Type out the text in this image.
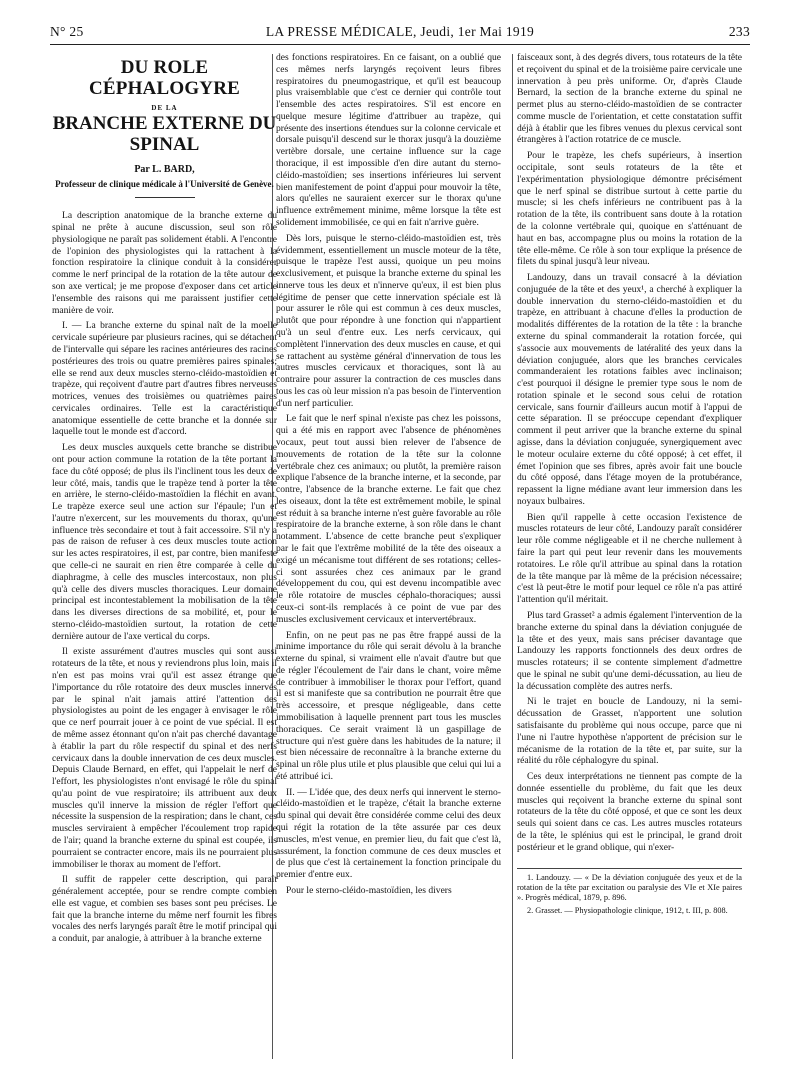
N° 25	LA PRESSE MÉDICALE, Jeudi, 1er Mai 1919	233
DU ROLE CÉPHALOGYRE
DE LA
BRANCHE EXTERNE DU SPINAL
Par L. BARD,
Professeur de clinique médicale à l'Université de Genève.

La description anatomique de la branche externe du spinal ne prête à aucune discussion, seul son rôle physiologique ne paraît pas solidement établi. A l'encontre de l'opinion des physiologistes qui la rattachent à la fonction respiratoire la clinique conduit à la considérer comme le nerf principal de la rotation de la tête autour de son axe vertical; je me propose d'exposer dans cet article l'ensemble des raisons qui me paraissent justifier cette manière de voir.

I. — La branche externe du spinal naît de la moelle cervicale supérieure par plusieurs racines, qui se détachent de l'intervalle qui sépare les racines antérieures des racines postérieures des trois ou quatre premières paires spinales; elle se rend aux deux muscles sterno-cléido-mastoïdien et trapèze, qui reçoivent d'autre part d'autres fibres nerveuses motrices, venues des troisièmes ou quatrièmes paires cervicales ordinaires. Telle est la caractéristique anatomique essentielle de cette branche et la donnée sur laquelle tout le monde est d'accord.

Les deux muscles auxquels cette branche se distribue ont pour action commune la rotation de la tête portant la face du côté opposé; de plus ils l'inclinent tous les deux de leur côté, mais, tandis que le trapèze tend à porter la tête en arrière, le sterno-cléido-mastoïdien la fléchit en avant. Le trapèze exerce seul une action sur l'épaule; l'un et l'autre n'exercent, sur les mouvements du thorax, qu'une influence très secondaire et tout à fait accessoire. S'il n'y a pas de raison de refuser à ces deux muscles toute action sur les actes respiratoires, il est, par contre, bien manifeste que celle-ci ne saurait en rien être comparée à celle du diaphragme, à celle des muscles intercostaux, non plus qu'à celle des divers muscles thoraciques. Leur domaine principal est incontestablement la mobilisation de la tête dans les diverses directions de sa mobilité, et, pour le sterno-cléido-mastoïdien surtout, la rotation de cette dernière autour de l'axe vertical du corps.

Il existe assurément d'autres muscles qui sont aussi rotateurs de la tête, et nous y reviendrons plus loin, mais il n'en est pas moins vrai qu'il est assez étrange que l'importance du rôle rotatoire des deux muscles innervés par le spinal n'ait jamais attiré l'attention des physiologistes au point de les engager à envisager le rôle que ce nerf pourrait jouer à ce point de vue spécial. Il est de même assez étonnant qu'on n'ait pas cherché davantage à établir la part du rôle respectif du spinal et des nerfs cervicaux dans la double innervation de ces deux muscles. Depuis Claude Bernard, en effet, qui l'appelait le nerf de l'effort, les physiologistes n'ont envisagé le rôle du spinal qu'au point de vue respiratoire; ils attribuent aux deux muscles qu'il innerve la mission de régler l'effort que nécessite la suspension de la respiration; dans le chant, ces muscles serviraient à empêcher l'écoulement trop rapide de l'air; quand la branche externe du spinal est coupée, ils pourraient se contracter encore, mais ils ne pourraient plus immobiliser le thorax au moment de l'effort.

Il suffit de rappeler cette description, qui paraît généralement acceptée, pour se rendre compte combien elle est vague, et combien ses bases sont peu précises. Le fait que la branche interne du même nerf fournit les fibres vocales des nerfs laryngés paraît être le motif principal qui a conduit, par analogie, à attribuer à la branche externe

des fonctions respiratoires. En ce faisant, on a oublié que ces mêmes nerfs laryngés reçoivent leurs fibres respiratoires du pneumogastrique, et qu'il est beaucoup plus vraisemblable que c'est ce dernier qui contrôle tout l'ensemble des actes respiratoires. S'il est encore en quelque mesure légitime d'attribuer au trapèze, qui présente des insertions étendues sur la colonne cervicale et dorsale puisqu'il descend sur le thorax jusqu'à la douzième vertèbre dorsale, une certaine influence sur la cage thoracique, il est impossible d'en dire autant du sterno-cléido-mastoïdien; ses insertions inférieures lui servent bien manifestement de point d'appui pour mouvoir la tête, alors qu'elles ne sauraient exercer sur le thorax qu'une influence extrêmement minime, même lorsque la tête est solidement immobilisée, ce qui en fait n'arrive guère.

Dès lors, puisque le sterno-cléido-mastoïdien est, très évidemment, essentiellement un muscle moteur de la tête, puisque le trapèze l'est aussi, quoique un peu moins exclusivement, et puisque la branche externe du spinal les innerve tous les deux et n'innerve qu'eux, il est bien plus légitime de penser que cette innervation spéciale est là pour assurer le rôle qui est commun à ces deux muscles, plutôt que pour répondre à une fonction qui n'appartient qu'à un seul d'entre eux. Les nerfs cervicaux, qui complètent l'innervation des deux muscles en cause, et qui se rattachent au système général d'innervation de tous les autres muscles cervicaux et thoraciques, sont là au contraire pour assurer la contraction de ces muscles dans tous les cas où leur mission n'a pas besoin de l'intervention d'un nerf particulier.

Le fait que le nerf spinal n'existe pas chez les poissons, qui a été mis en rapport avec l'absence de phénomènes vocaux, peut tout aussi bien relever de l'absence de mouvements de rotation de la tête sur la colonne vertébrale chez ces animaux; ou plutôt, la première raison explique l'absence de la branche interne, et la seconde, par contre, l'absence de la branche externe. Le fait que chez les oiseaux, dont la tête est extrêmement mobile, le spinal est réduit à sa branche interne n'est guère favorable au rôle respiratoire de la branche externe, à son rôle dans le chant notamment. L'absence de cette branche peut s'expliquer par le fait que l'extrême mobilité de la tête des oiseaux a exigé un mécanisme tout différent de ses rotations; celles-ci sont assurées chez ces animaux par le grand développement du cou, qui est devenu incompatible avec le rôle rotatoire de muscles céphalo-thoraciques; aussi ceux-ci sont-ils remplacés à ce point de vue par des muscles exclusivement cervicaux et intervertébraux.

Enfin, on ne peut pas ne pas être frappé aussi de la minime importance du rôle qui serait dévolu à la branche externe du spinal, si vraiment elle n'avait d'autre but que de régler l'écoulement de l'air dans le chant, voire même de contribuer à immobiliser le thorax pour l'effort, quand il est si manifeste que sa contribution ne pourrait être que très accessoire, et presque négligeable, dans cette immobilisation à laquelle prennent part tous les muscles thoraciques. Ce serait vraiment là un gaspillage de structure qui n'est guère dans les habitudes de la nature; il est bien nécessaire de reconnaître à la branche externe du spinal un rôle plus utile et plus plausible que celui qui lui a été attribué ici.

II. — L'idée que, des deux nerfs qui innervent le sterno-cléido-mastoïdien et le trapèze, c'était la branche externe du spinal qui devait être considérée comme celui des deux qui régit la rotation de la tête assurée par ces deux muscles, m'est venue, en premier lieu, du fait que c'est là, assurément, la fonction commune de ces deux muscles et de plus que c'est là certainement la fonction principale du premier d'entre eux.

Pour le sterno-cléido-mastoïdien, les divers

faisceaux sont, à des degrés divers, tous rotateurs de la tête et reçoivent du spinal et de la troisième paire cervicale une innervation à peu près uniforme. Or, d'après Claude Bernard, la section de la branche externe du spinal ne permet plus au sterno-cléido-mastoïdien de se contracter comme muscle de l'orientation, et cette constatation suffit déjà à établir que les fibres venues du plexus cervical sont étrangères à l'action rotatrice de ce muscle.

Pour le trapèze, les chefs supérieurs, à insertion occipitale, sont seuls rotateurs de la tête et l'expérimentation physiologique démontre précisément que le nerf spinal se distribue surtout à cette partie du muscle; si les chefs inférieurs ne contribuent pas à la rotation de la tête, ils contribuent sans doute à la rotation de la colonne vertébrale qui, quoique en s'atténuant de haut en bas, accompagne plus ou moins la rotation de la tête elle-même. Ce rôle à son tour explique la présence de filets du spinal jusqu'à leur niveau.

Landouzy, dans un travail consacré à la déviation conjuguée de la tête et des yeux¹, a cherché à expliquer la double innervation du sterno-cléido-mastoïdien et du trapèze, en attribuant à chacune d'elles la production de modalités différentes de la rotation de la tête : la branche externe du spinal commanderait la rotation forcée, qui s'associe aux mouvements de latéralité des yeux dans la déviation conjuguée, alors que les branches cervicales commanderaient les rotations faibles avec inclinaison; c'est pourquoi il désigne le premier type sous le nom de rotation spinale et le second sous celui de rotation cervicale, sans fournir d'ailleurs aucun motif à l'appui de cette séparation. Il se préoccupe cependant d'expliquer comment il peut arriver que la branche externe du spinal agisse, dans la déviation conjuguée, synergiquement avec le moteur oculaire externe du côté opposé; à cet effet, il émet l'opinion que ses fibres, après avoir fait une boucle du côté opposé, dans l'étage moyen de la protubérance, repassent la ligne médiane avant leur immersion dans les noyaux bulbaires.

Bien qu'il rappelle à cette occasion l'existence de muscles rotateurs de leur côté, Landouzy paraît considérer leur rôle comme négligeable et il ne cherche nullement à faire la part qui peut leur revenir dans les mouvements rotatoires. Le rôle qu'il attribue au spinal dans la rotation de la tête manque par là même de la précision nécessaire; c'est là peut-être le motif pour lequel ce rôle n'a pas attiré l'attention qu'il méritait.

Plus tard Grasset² a admis également l'intervention de la branche externe du spinal dans la déviation conjuguée de la tête et des yeux, mais sans préciser davantage que Landouzy les rapports fonctionnels des deux ordres de muscles rotateurs; il se contente simplement d'admettre que le spinal ne subit qu'une demi-décussation, au lieu de la décussation complète des autres nerfs.

Ni le trajet en boucle de Landouzy, ni la semi-décussation de Grasset, n'apportent une solution satisfaisante du problème qui nous occupe, parce que ni l'une ni l'autre hypothèse n'apportent de précision sur le mécanisme de la rotation de la tête et, par suite, sur la réalité du rôle céphalogyre du spinal.

Ces deux interprétations ne tiennent pas compte de la donnée essentielle du problème, du fait que les deux muscles qui reçoivent la branche externe du spinal sont rotateurs de la tête du côté opposé, et que ce sont les deux seuls qui soient dans ce cas. Les autres muscles rotateurs de la tête, le splénius qui est le principal, le grand droit postérieur et le grand oblique, qui n'exer-

1. Landouzy. — « De la déviation conjuguée des yeux et de la rotation de la tête par excitation ou paralysie des VIe et XIe paires ». Progrès médical, 1879, p. 896.
2. Grasset. — Physiopathologie clinique, 1912, t. III, p. 808.
